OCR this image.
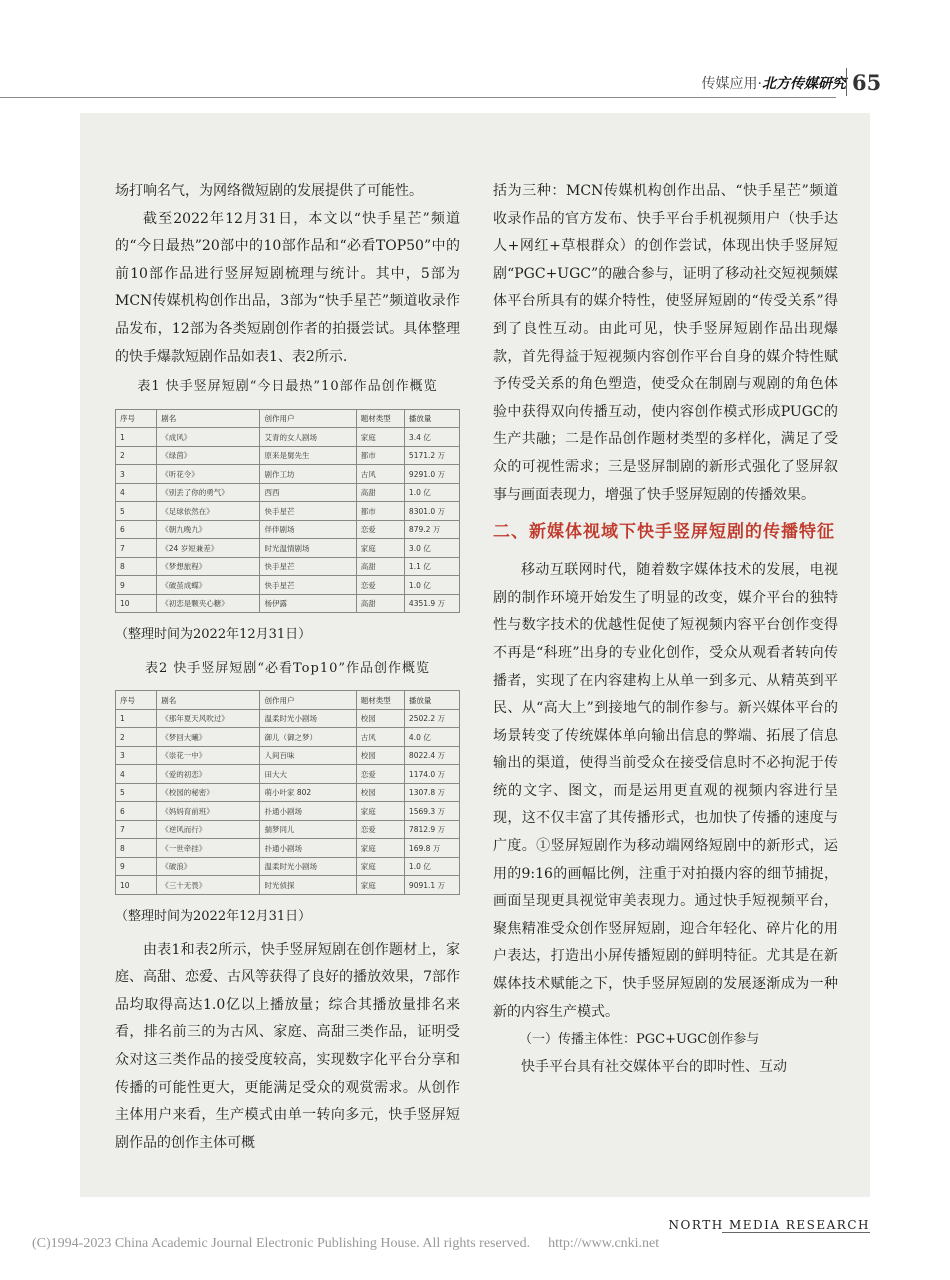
传媒应用·北方传媒研究 65

场打响名气，为网络微短剧的发展提供了可能性。

截至2022年12月31日，本文以“快手星芒”频道的“今日最热”20部中的10部作品和“必看TOP50”中的前10部作品进行竖屏短剧梳理与统计。其中，5部为MCN传媒机构创作出品，3部为“快手星芒”频道收录作品发布，12部为各类短剧创作者的拍摄尝试。具体整理的快手爆款短剧作品如表1、表2所示.

表1 快手竖屏短剧“今日最热”10部作品创作概览
序号	剧名	创作用户	题材类型	播放量
1	《成风》	艾青的女人剧场	家庭	3.4 亿
2	《绿茵》	原来是舅先生	都市	5171.2 万
3	《听花令》	剧作工坊	古风	9291.0 万
4	《别丢了你的勇气》	西西	高甜	1.0 亿
5	《足球依然在》	快手星芒	都市	8301.0 万
6	《朝九晚九》	伴伴剧场	恋爱	879.2 万
7	《24 岁短兼差》	时光温情剧场	家庭	3.0 亿
8	《梦想旅程》	快手星芒	高甜	1.1 亿
9	《破茧成蝶》	快手星芒	恋爱	1.0 亿
10	《初恋是颗夹心糖》	杨伊露	高甜	4351.9 万
（整理时间为2022年12月31日）
表2 快手竖屏短剧“必看Top10”作品创作概览
序号	剧名	创作用户	题材类型	播放量
1	《那年夏天风吹过》	温柔时光小剧场	校园	2502.2 万
2	《梦回大曦》	御儿（御之梦）	古风	4.0 亿
3	《崇花一中》	人间百味	校园	8022.4 万
4	《爱的初恋》	田大大	恋爱	1174.0 万
5	《校园的秘密》	萌小叶家 802	校园	1307.8 万
6	《妈妈育前班》	扑通小剧场	家庭	1569.3 万
7	《逆风而行》	揣梦同儿	恋爱	7812.9 万
8	《一世牵挂》	扑通小剧场	家庭	169.8 万
9	《破浪》	温柔时光小剧场	家庭	1.0 亿
10	《三十无畏》	时光侦探	家庭	9091.1 万
（整理时间为2022年12月31日）

由表1和表2所示，快手竖屏短剧在创作题材上，家庭、高甜、恋爱、古风等获得了良好的播放效果，7部作品均取得高达1.0亿以上播放量；综合其播放量排名来看，排名前三的为古风、家庭、高甜三类作品，证明受众对这三类作品的接受度较高，实现数字化平台分享和传播的可能性更大，更能满足受众的观赏需求。从创作主体用户来看，生产模式由单一转向多元，快手竖屏短剧作品的创作主体可概

括为三种：MCN传媒机构创作出品、“快手星芒”频道收录作品的官方发布、快手平台手机视频用户（快手达人+网红+草根群众）的创作尝试，体现出快手竖屏短剧“PGC+UGC”的融合参与，证明了移动社交短视频媒体平台所具有的媒介特性，使竖屏短剧的“传受关系”得到了良性互动。由此可见，快手竖屏短剧作品出现爆款，首先得益于短视频内容创作平台自身的媒介特性赋予传受关系的角色塑造，使受众在制剧与观剧的角色体验中获得双向传播互动，使内容创作模式形成PUGC的生产共融；二是作品创作题材类型的多样化，满足了受众的可视性需求；三是竖屏制剧的新形式强化了竖屏叙事与画面表现力，增强了快手竖屏短剧的传播效果。

二、新媒体视域下快手竖屏短剧的传播特征

移动互联网时代，随着数字媒体技术的发展，电视剧的制作环境开始发生了明显的改变，媒介平台的独特性与数字技术的优越性促使了短视频内容平台创作变得不再是“科班”出身的专业化创作，受众从观看者转向传播者，实现了在内容建构上从单一到多元、从精英到平民、从“高大上”到接地气的制作参与。新兴媒体平台的场景转变了传统媒体单向输出信息的弊端、拓展了信息输出的渠道，使得当前受众在接受信息时不必拘泥于传统的文字、图文，而是运用更直观的视频内容进行呈现，这不仅丰富了其传播形式，也加快了传播的速度与广度。①竖屏短剧作为移动端网络短剧中的新形式，运用的9:16的画幅比例，注重于对拍摄内容的细节捕捉，画面呈现更具视觉审美表现力。通过快手短视频平台，聚焦精准受众创作竖屏短剧，迎合年轻化、碎片化的用户表达，打造出小屏传播短剧的鲜明特征。尤其是在新媒体技术赋能之下，快手竖屏短剧的发展逐渐成为一种新的内容生产模式。

（一）传播主体性：PGC+UGC创作参与

快手平台具有社交媒体平台的即时性、互动

NORTH MEDIA RESEARCH
(C)1994-2023 China Academic Journal Electronic Publishing House. All rights reserved. http://www.cnki.net
